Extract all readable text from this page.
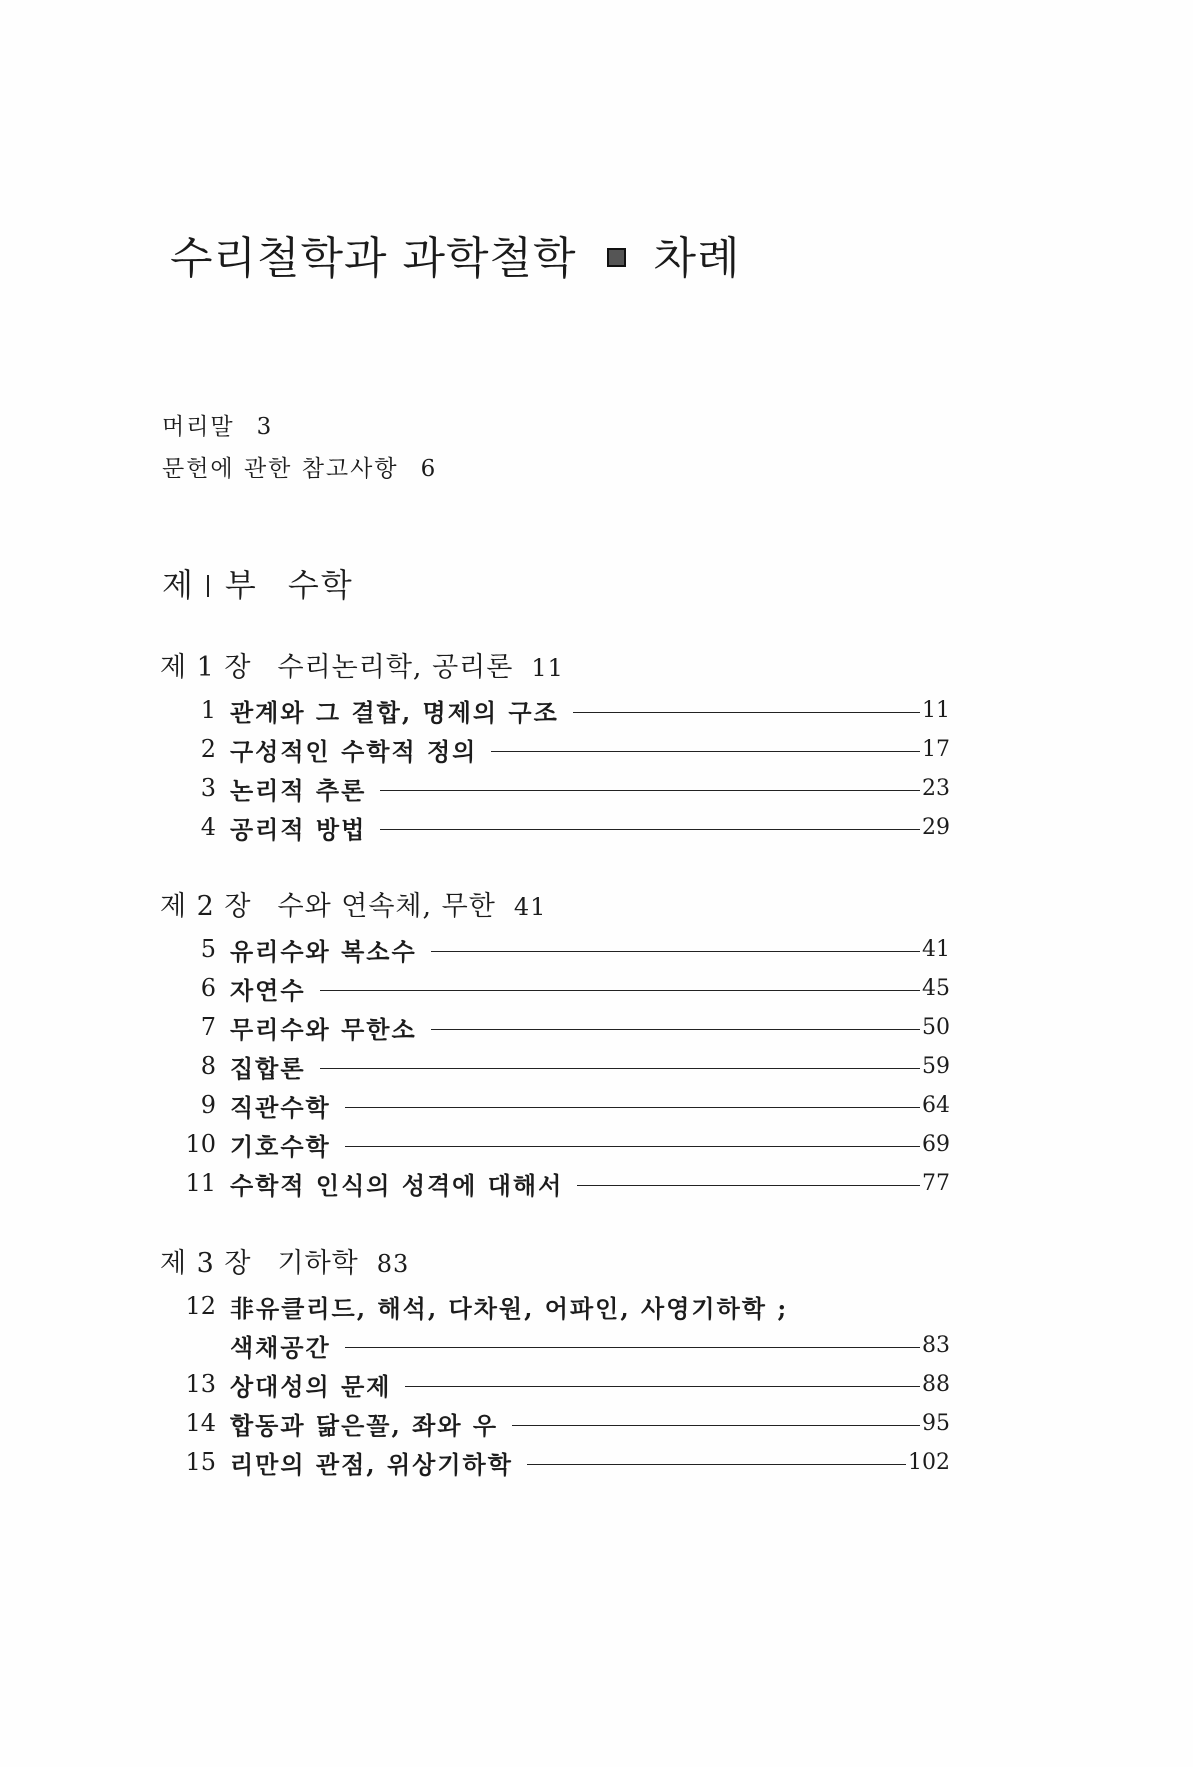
수리철학과 과학철학 차례
머리말 3
문헌에 관한 참고사항 6
제 부 수학
제 1 장 수리논리학, 공리론 11
1 관계와 그 결합, 명제의 구조	11
2 구성적인 수학적 정의	17
3 논리적 추론	23
4 공리적 방법	29
제 2 장 수와 연속체, 무한 41
5 유리수와 복소수	41
6 자연수	45
7 무리수와 무한소	50
8 집합론	59
9 직관수학	64
10 기호수학	69
11 수학적 인식의 성격에 대해서	77
제 3 장 기하학 83
12 非유클리드, 해석, 다차원, 어파인, 사영기하학 ;
색채공간	83
13 상대성의 문제	88
14 합동과 닮은꼴, 좌와 우	95
15 리만의 관점, 위상기하학	102
